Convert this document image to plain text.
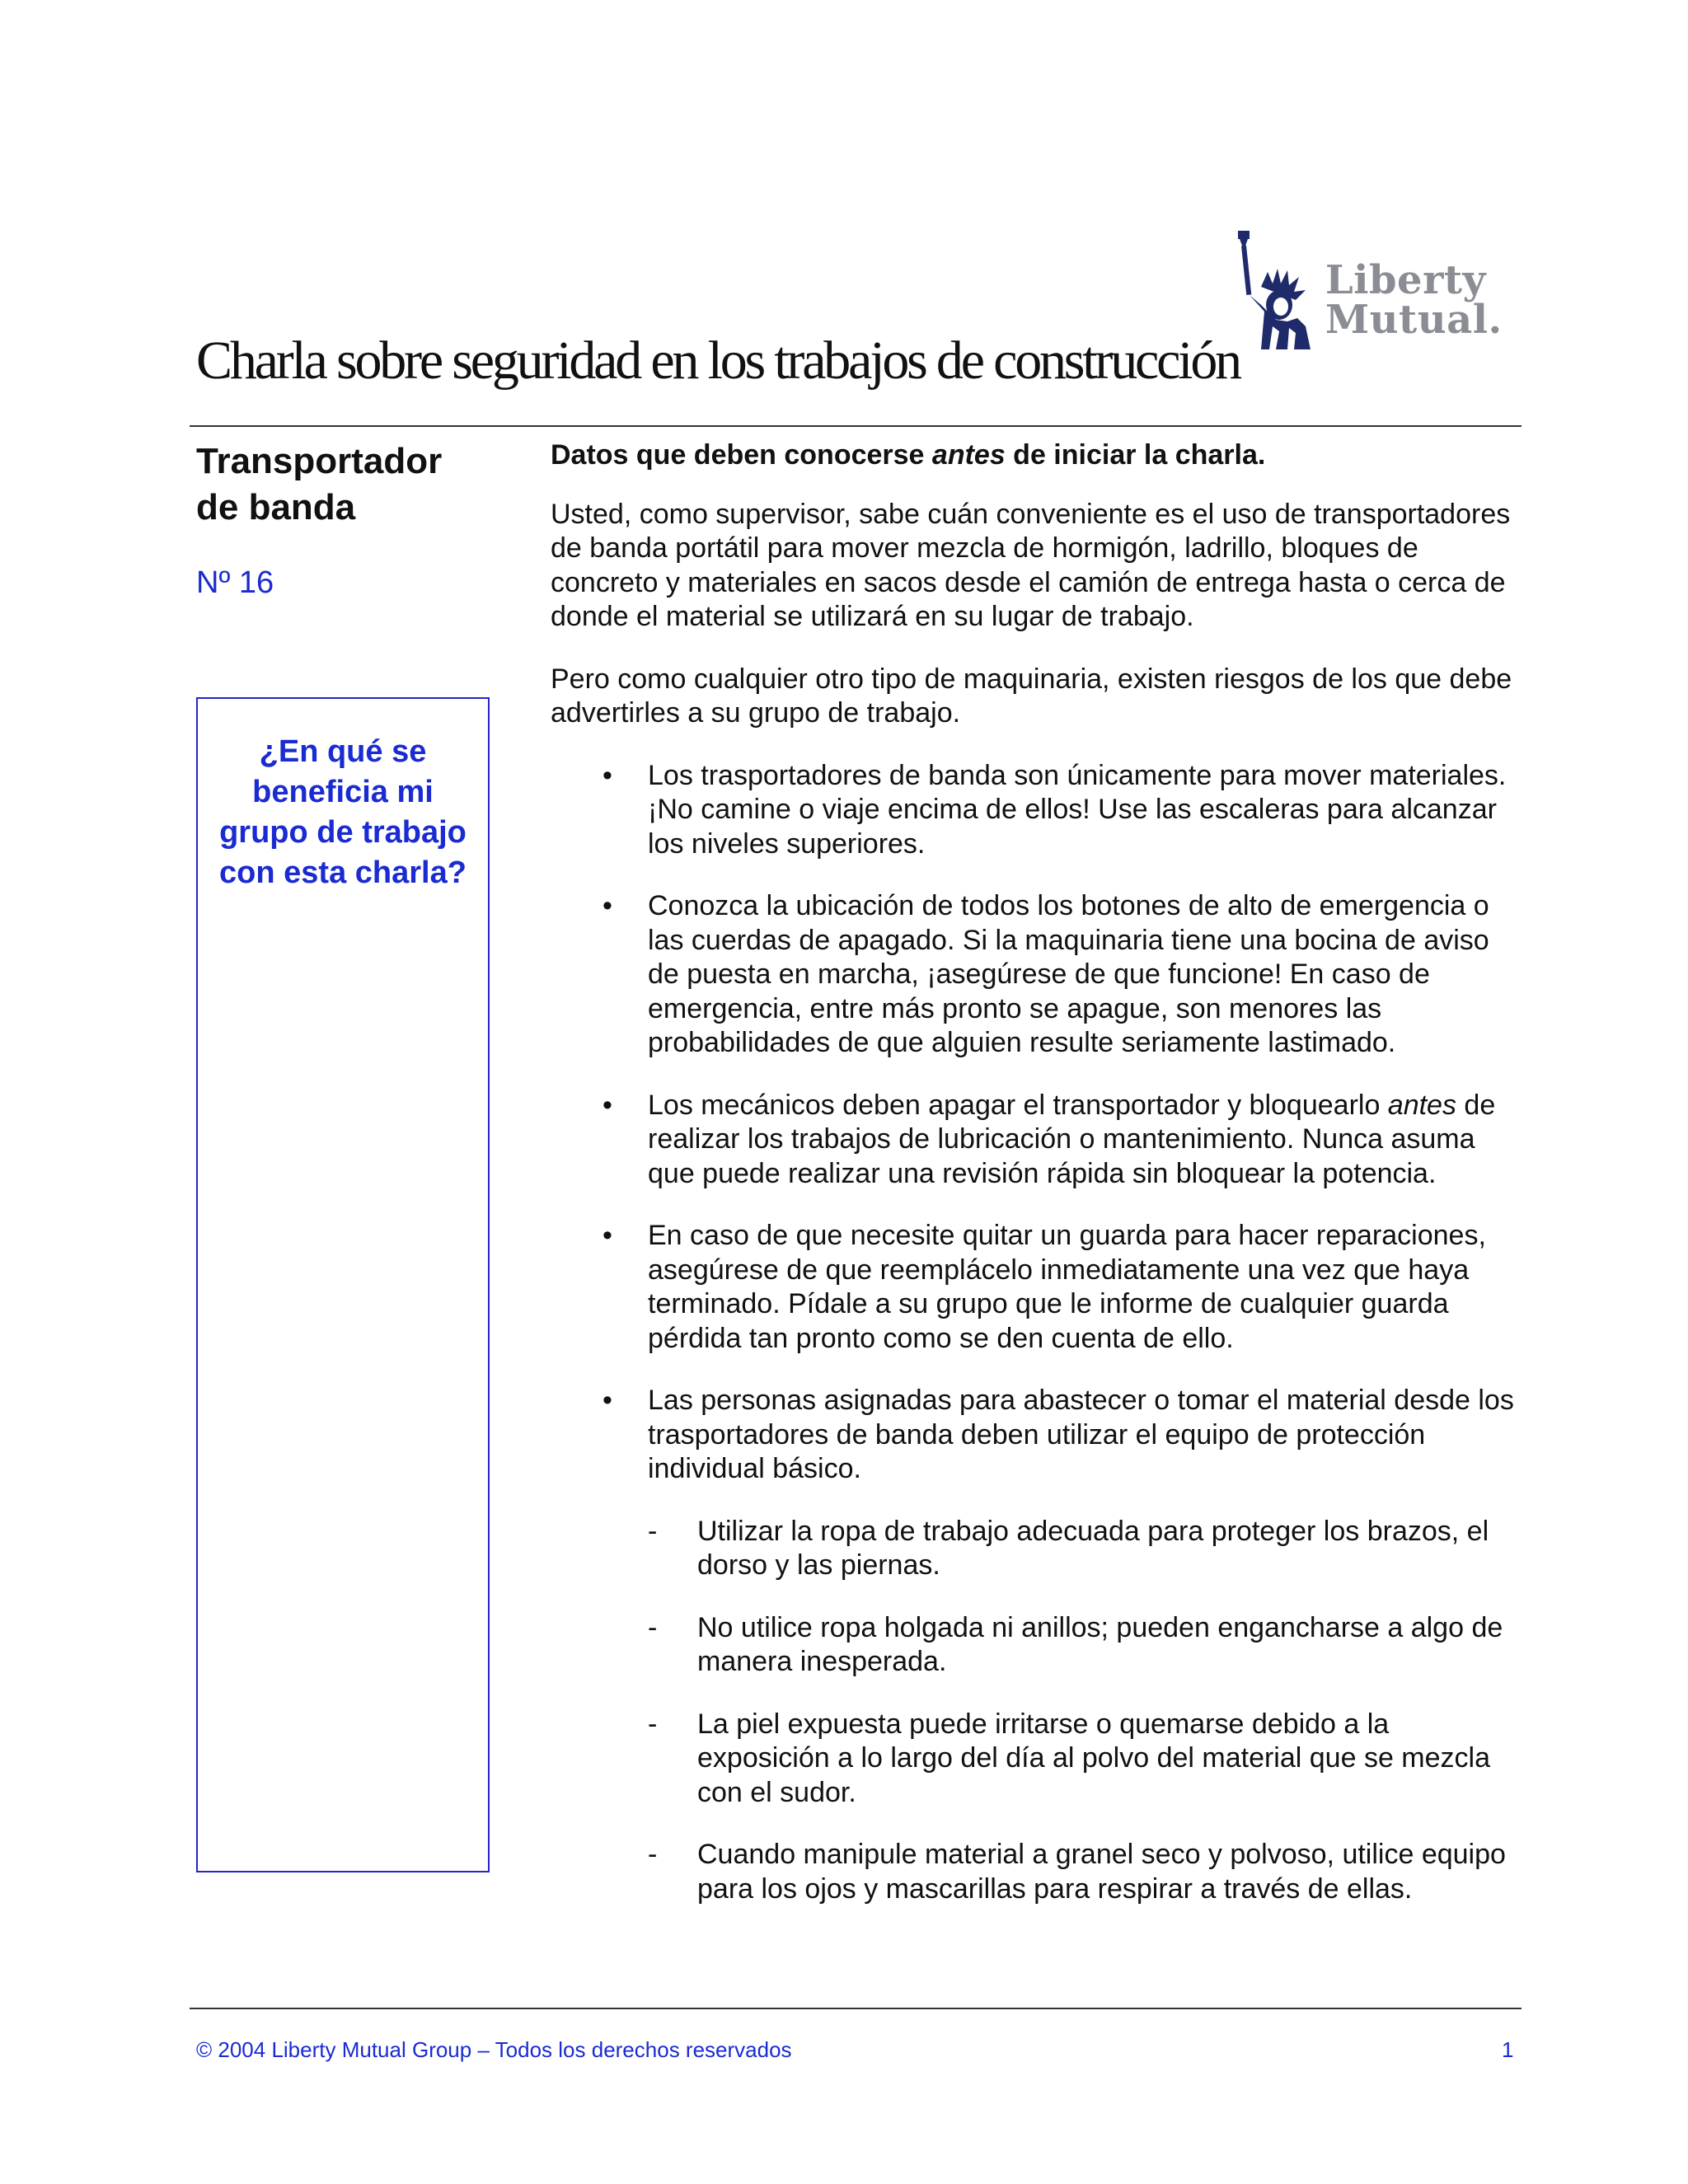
Liberty
Mutual.
Charla sobre seguridad en los trabajos de construcción
Transportador de banda
Nº 16
¿En qué se beneficia mi grupo de trabajo con esta charla?

Datos que deben conocerse antes de iniciar la charla.

Usted, como supervisor, sabe cuán conveniente es el uso de transportadores de banda portátil para mover mezcla de hormigón, ladrillo, bloques de concreto y materiales en sacos desde el camión de entrega hasta o cerca de donde el material se utilizará en su lugar de trabajo.

Pero como cualquier otro tipo de maquinaria, existen riesgos de los que debe advertirles a su grupo de trabajo.

• Los trasportadores de banda son únicamente para mover materiales. ¡No camine o viaje encima de ellos! Use las escaleras para alcanzar los niveles superiores.
• Conozca la ubicación de todos los botones de alto de emergencia o las cuerdas de apagado. Si la maquinaria tiene una bocina de aviso de puesta en marcha, ¡asegúrese de que funcione! En caso de emergencia, entre más pronto se apague, son menores las probabilidades de que alguien resulte seriamente lastimado.
• Los mecánicos deben apagar el transportador y bloquearlo antes de realizar los trabajos de lubricación o mantenimiento. Nunca asuma que puede realizar una revisión rápida sin bloquear la potencia.
• En caso de que necesite quitar un guarda para hacer reparaciones, asegúrese de que reemplácelo inmediatamente una vez que haya terminado. Pídale a su grupo que le informe de cualquier guarda pérdida tan pronto como se den cuenta de ello.
• Las personas asignadas para abastecer o tomar el material desde los trasportadores de banda deben utilizar el equipo de protección individual básico.
- Utilizar la ropa de trabajo adecuada para proteger los brazos, el dorso y las piernas.
- No utilice ropa holgada ni anillos; pueden engancharse a algo de manera inesperada.
- La piel expuesta puede irritarse o quemarse debido a la exposición a lo largo del día al polvo del material que se mezcla con el sudor.
- Cuando manipule material a granel seco y polvoso, utilice equipo para los ojos y mascarillas para respirar a través de ellas.
© 2004 Liberty Mutual Group – Todos los derechos reservados	1
